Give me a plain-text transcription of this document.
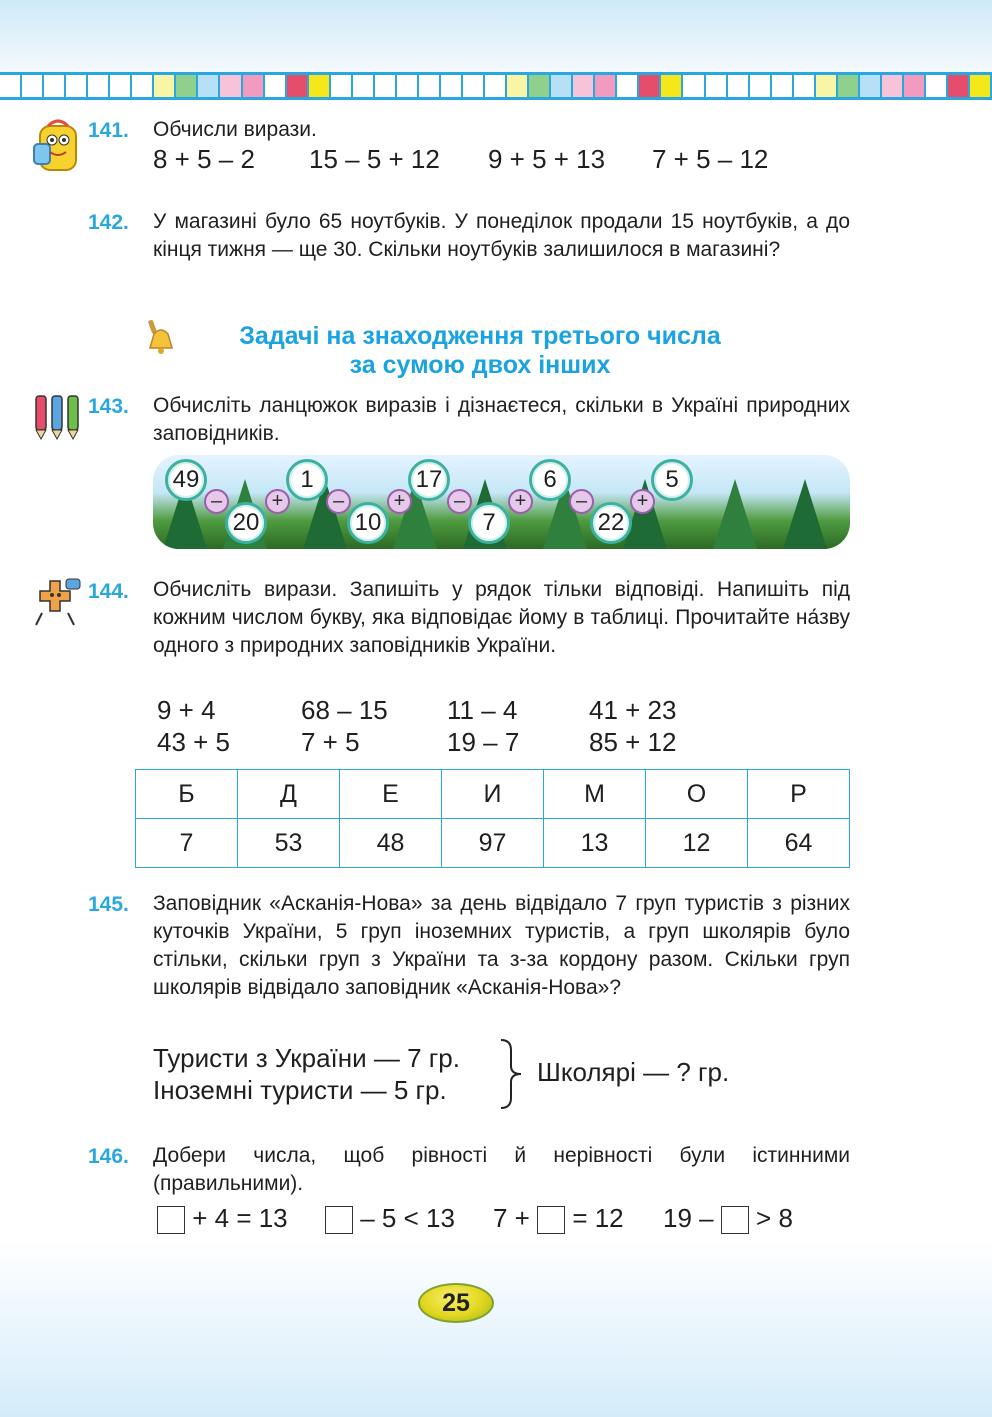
141. Обчисли вирази.
8 + 5 – 2	15 – 5 + 12	9 + 5 + 13	7 + 5 – 12
142. У магазині було 65 ноутбуків. У понеділок продали 15 ноутбуків, а до кінця тижня — ще 30. Скільки ноутбуків залишилося в магазині?
Задачі на знаходження третього числа
за сумою двох інших
143. Обчисліть ланцюжок виразів і дізнаєтеся, скільки в Україні природних заповідників.
49
–
20
+
1
–
10
+
17
–
7
+
6
–
22
+
5
144. Обчисліть вирази. Запишіть у рядок тільки відповіді. Напишіть під кожним числом букву, яка відповідає йому в таблиці. Прочитайте на́зву одного з природних заповідників України.
9 + 4	68 – 15	11 – 4	41 + 23
43 + 5	7 + 5	19 – 7	85 + 12
Б	Д	Е	И	М	О	Р
7	53	48	97	13	12	64
145. Заповідник «Асканія-Нова» за день відвідало 7 груп туристів з різних куточків України, 5 груп іноземних туристів, а груп школярів було стільки, скільки груп з України та з-за кордону разом. Скільки груп школярів відвідало заповідник «Асканія-Нова»?
Туристи з України — 7 гр.
Іноземні туристи — 5 гр.
Школярі — ? гр.
146. Добери числа, щоб рівності й нерівності були істинними (правильними).
+ 4 = 13	– 5 < 13	7 +  = 12	19 –  > 8
25
